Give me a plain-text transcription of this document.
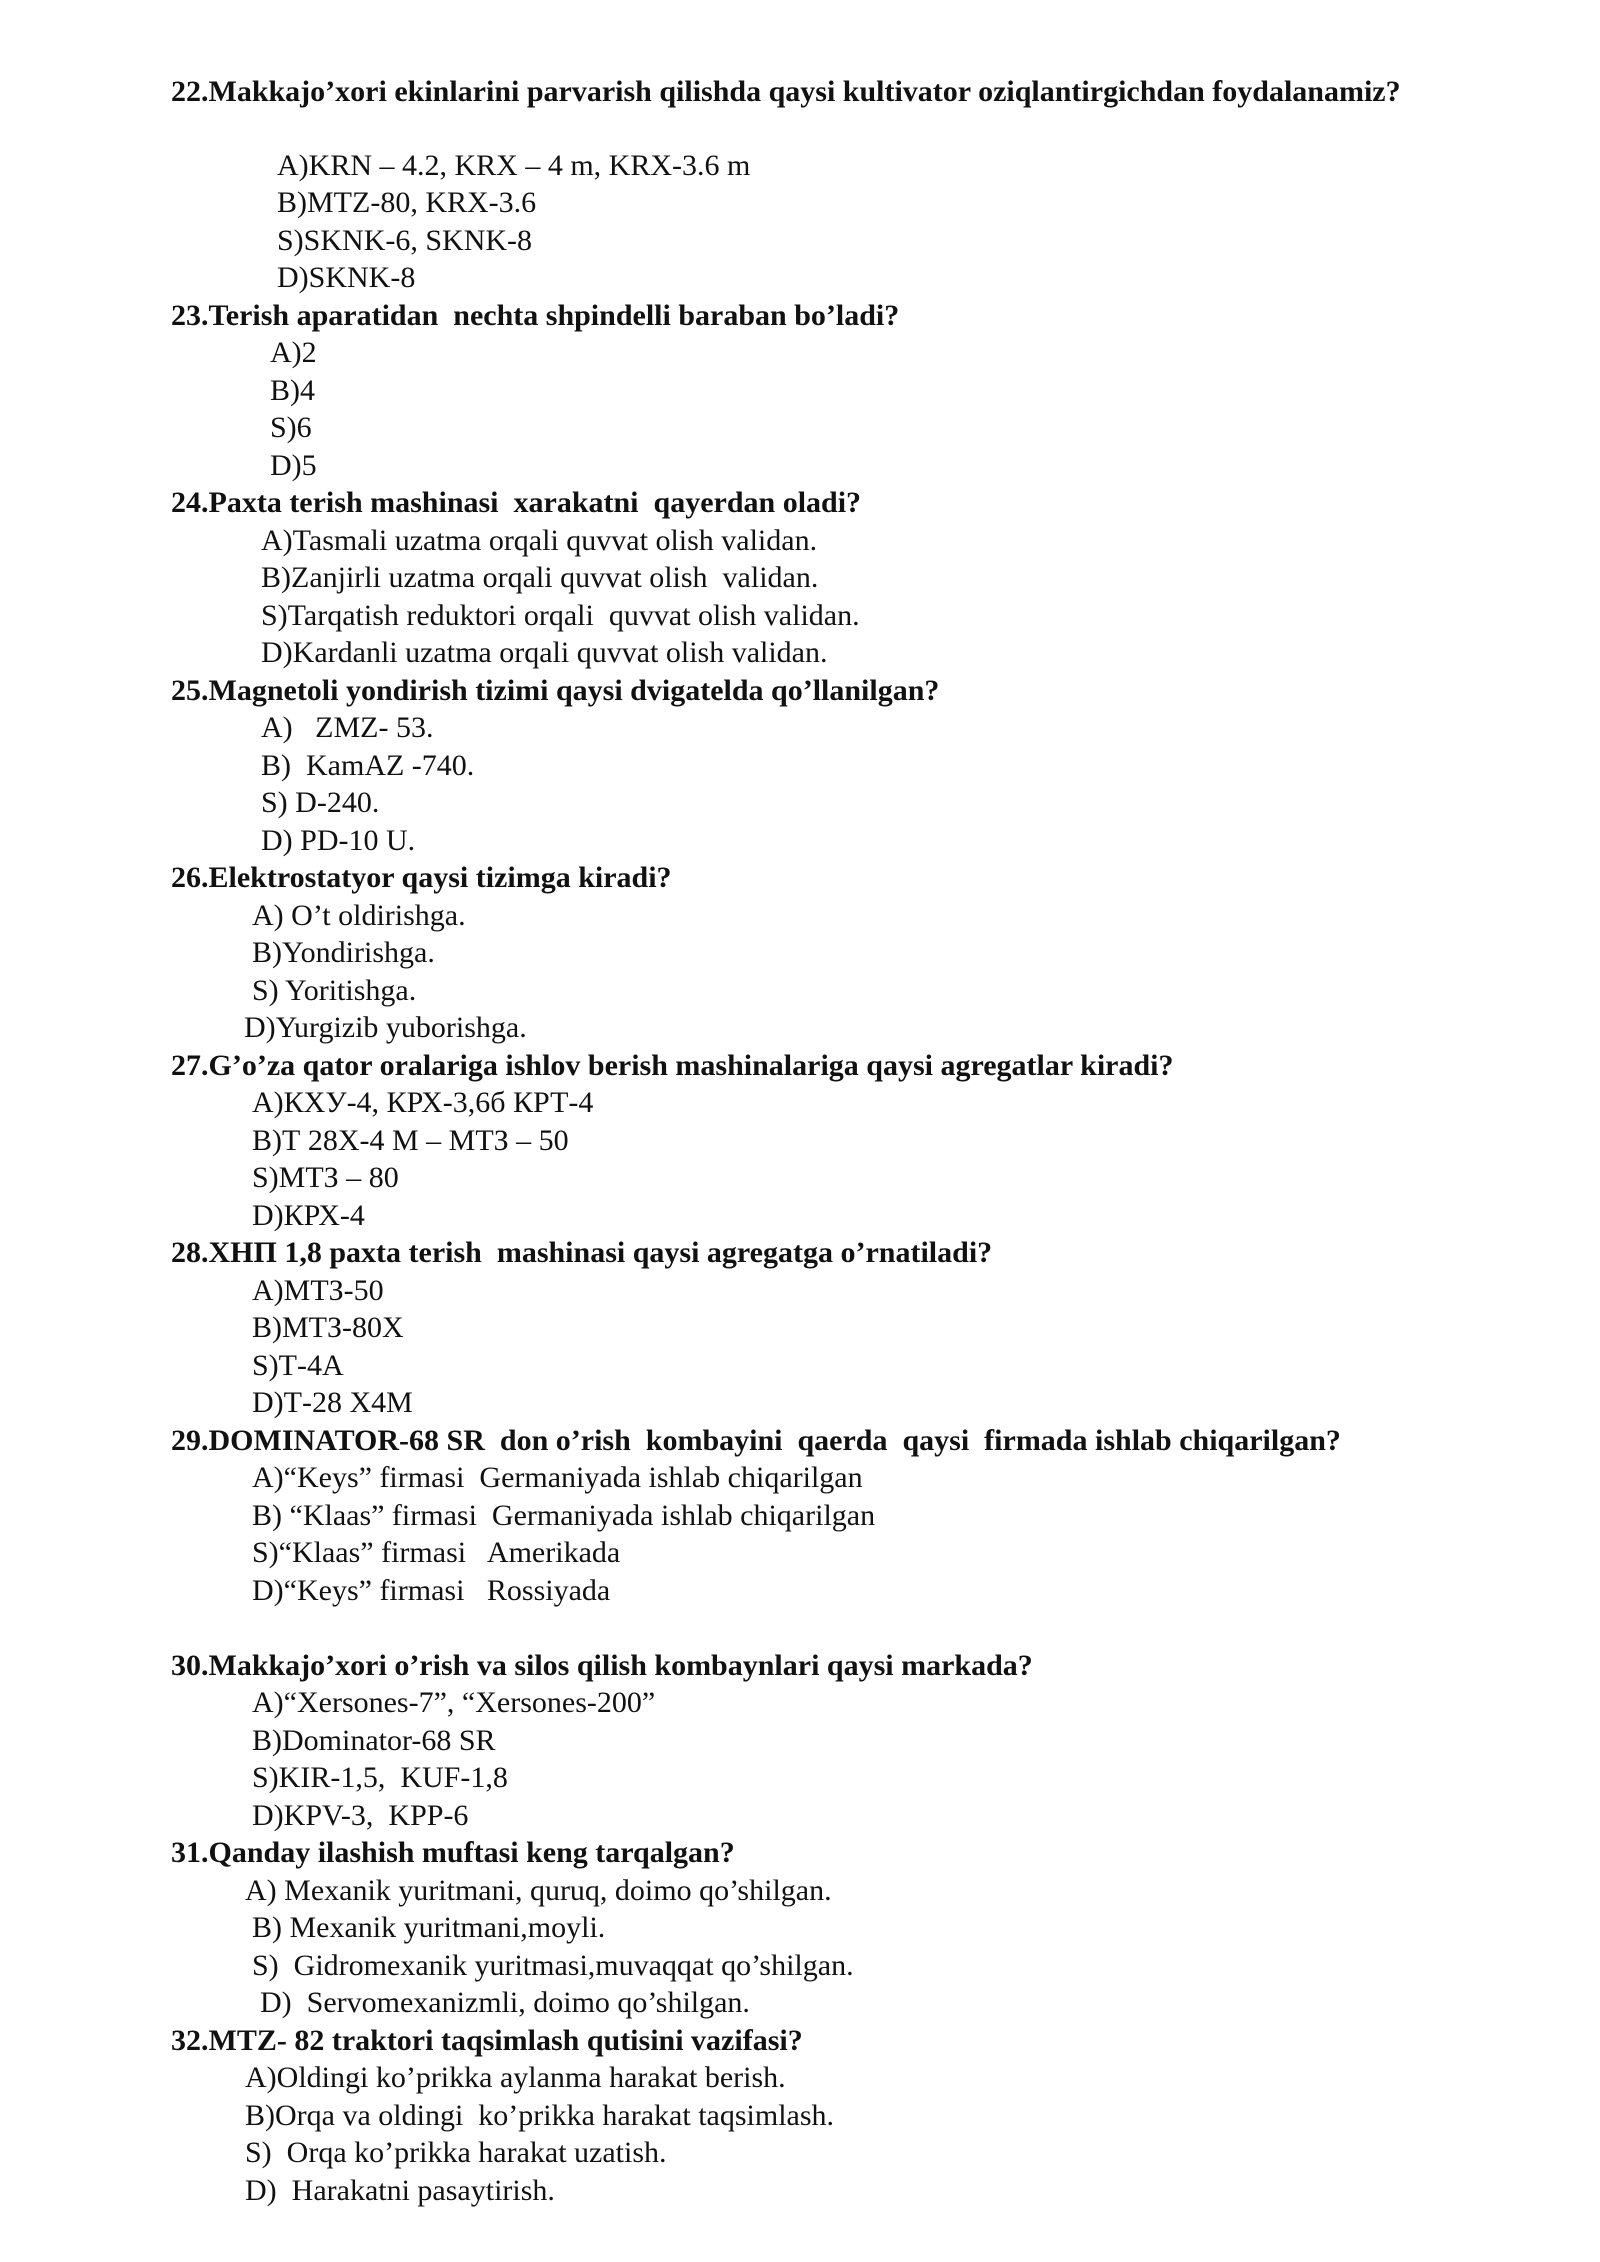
22.Makkajo’xori ekinlarini parvarish qilishda qaysi kultivator oziqlantirgichdan foydalanamiz?
A)KRN – 4.2, KRX – 4 m, KRX-3.6 m
B)MTZ-80, KRX-3.6
S)SKNK-6, SKNK-8
D)SKNK-8
23.Terish aparatidan  nechta shpindelli baraban bo’ladi?
A)2
B)4
S)6
D)5
24.Paxta terish mashinasi  xarakatni  qayerdan oladi?
A)Tasmali uzatma orqali quvvat olish validan.
B)Zanjirli uzatma orqali quvvat olish  validan.
S)Tarqatish reduktori orqali  quvvat olish validan.
D)Kardanli uzatma orqali quvvat olish validan.
25.Magnetoli yondirish tizimi qaysi dvigatelda qo’llanilgan?
A)   ZMZ- 53.
B)  KamAZ -740.
S) D-240.
D) PD-10 U.
26.Elektrostatyor qaysi tizimga kiradi?
A) O’t oldirishga.
B)Yondirishga.
S) Yoritishga.
D)Yurgizib yuborishga.
27.G’o’za qator oralariga ishlov berish mashinalariga qaysi agregatlar kiradi?
A)КХУ-4, КРХ-3,6б КРТ-4
B)Т 28Х-4 М – МТЗ – 50
S)МТЗ – 80
D)КРХ-4
28.ХНП 1,8 paxta terish  mashinasi qaysi agregatga o’rnatiladi?
A)МТЗ-50
B)МТЗ-80Х
S)Т-4А
D)Т-28 Х4М
29.DOMINATOR-68 SR  don o’rish  kombayini  qaerda  qaysi  firmada ishlab chiqarilgan?
A)“Keys” firmasi  Germaniyada ishlab chiqarilgan
B) “Klaas” firmasi  Germaniyada ishlab chiqarilgan
S)“Klaas” firmasi   Amerikada
D)“Keys” firmasi   Rossiyada
30.Makkajo’xori o’rish va silos qilish kombaynlari qaysi markada?
A)“Xersones-7”, “Xersones-200”
B)Dominator-68 SR
S)KIR-1,5,  KUF-1,8
D)KPV-3,  KPP-6
31.Qanday ilashish muftasi keng tarqalgan?
A) Mexanik yuritmani, quruq, doimo qo’shilgan.
B) Mexanik yuritmani,moyli.
S)  Gidromexanik yuritmasi,muvaqqat qo’shilgan.
D)  Servomexanizmli, doimo qo’shilgan.
32.MTZ- 82 traktori taqsimlash qutisini vazifasi?
A)Oldingi ko’prikka aylanma harakat berish.
B)Orqa va oldingi  ko’prikka harakat taqsimlash.
S)  Orqa ko’prikka harakat uzatish.
D)  Harakatni pasaytirish.
